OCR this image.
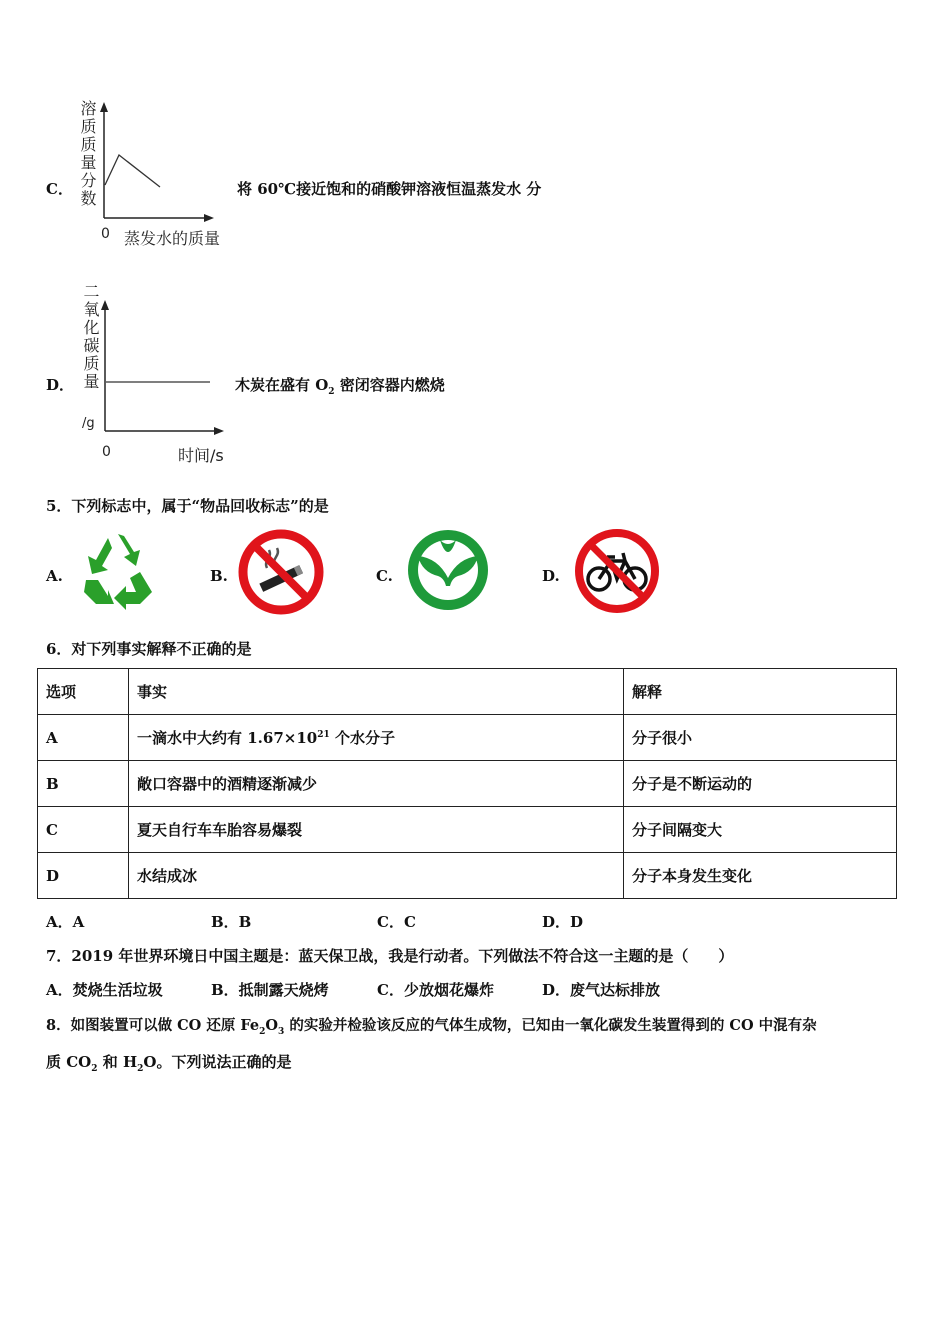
C． 溶质质量分数
0 蒸发水的质量
将 60℃接近饱和的硝酸钾溶液恒温蒸发水 分
D． 二氧化碳质量
/g
0	时间/s
木炭在盛有 $O_2$ 密闭容器内燃烧
5．下列标志中，属于“物品回收标志”的是
A.	B.	C.	D.
6．对下列事实解释不正确的是
选项	事实	解释
A	一滴水中大约有 $1.67\times 10^{21}$ 个水分子	分子很小
B	敞口容器中的酒精逐渐减少	分子是不断运动的
C	夏天自行车车胎容易爆裂	分子间隔变大
D	水结成冰	分子本身发生变化
A．A	B．B	C．C	D．D
7．2019 年世界环境日中国主题是：蓝天保卫战，我是行动者。下列做法不符合这一主题的是（　　）
A．焚烧生活垃圾	B．抵制露天烧烤	C．少放烟花爆炸	D．废气达标排放
8．如图装置可以做 CO 还原 $Fe_2O_3$ 的实验并检验该反应的气体生成物，已知由一氧化碳发生装置得到的 CO 中混有杂
质 $CO_2$ 和 $H_2O$。下列说法正确的是
